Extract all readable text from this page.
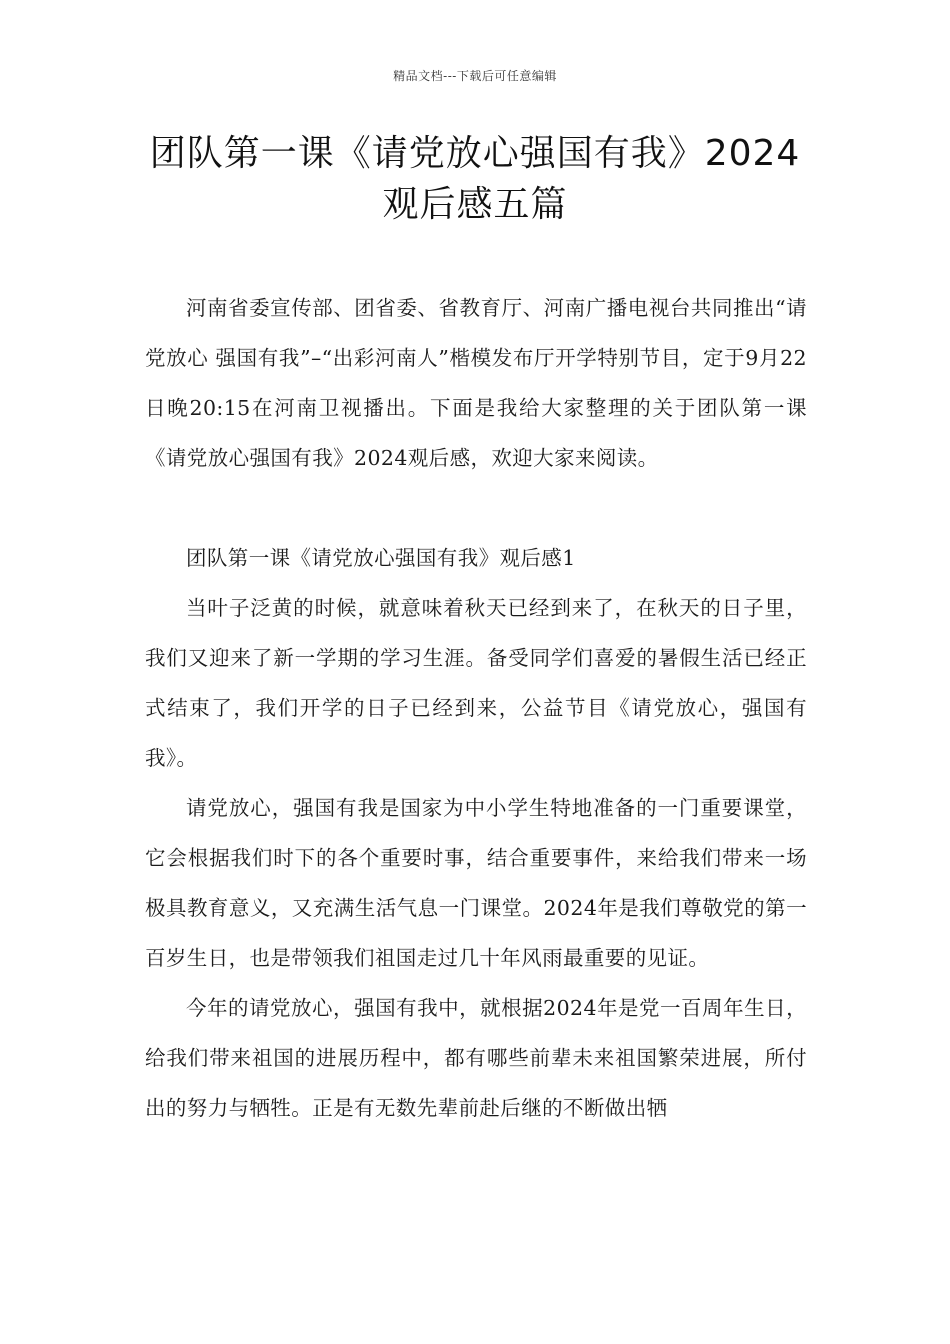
精品文档---下载后可任意编辑
团队第一课《请党放心强国有我》2024
观后感五篇

河南省委宣传部、团省委、省教育厅、河南广播电视台共同推出“请党放心 强国有我”–“出彩河南人”楷模发布厅开学特别节目，定于9月22日晚20:15在河南卫视播出。下面是我给大家整理的关于团队第一课《请党放心强国有我》2024观后感，欢迎大家来阅读。

团队第一课《请党放心强国有我》观后感1

当叶子泛黄的时候，就意味着秋天已经到来了，在秋天的日子里，我们又迎来了新一学期的学习生涯。备受同学们喜爱的暑假生活已经正式结束了，我们开学的日子已经到来，公益节目《请党放心，强国有我》。

请党放心，强国有我是国家为中小学生特地准备的一门重要课堂，它会根据我们时下的各个重要时事，结合重要事件，来给我们带来一场极具教育意义，又充满生活气息一门课堂。2024年是我们尊敬党的第一百岁生日，也是带领我们祖国走过几十年风雨最重要的见证。

今年的请党放心，强国有我中，就根据2024年是党一百周年生日，给我们带来祖国的进展历程中，都有哪些前辈未来祖国繁荣进展，所付出的努力与牺牲。正是有无数先辈前赴后继的不断做出牺
